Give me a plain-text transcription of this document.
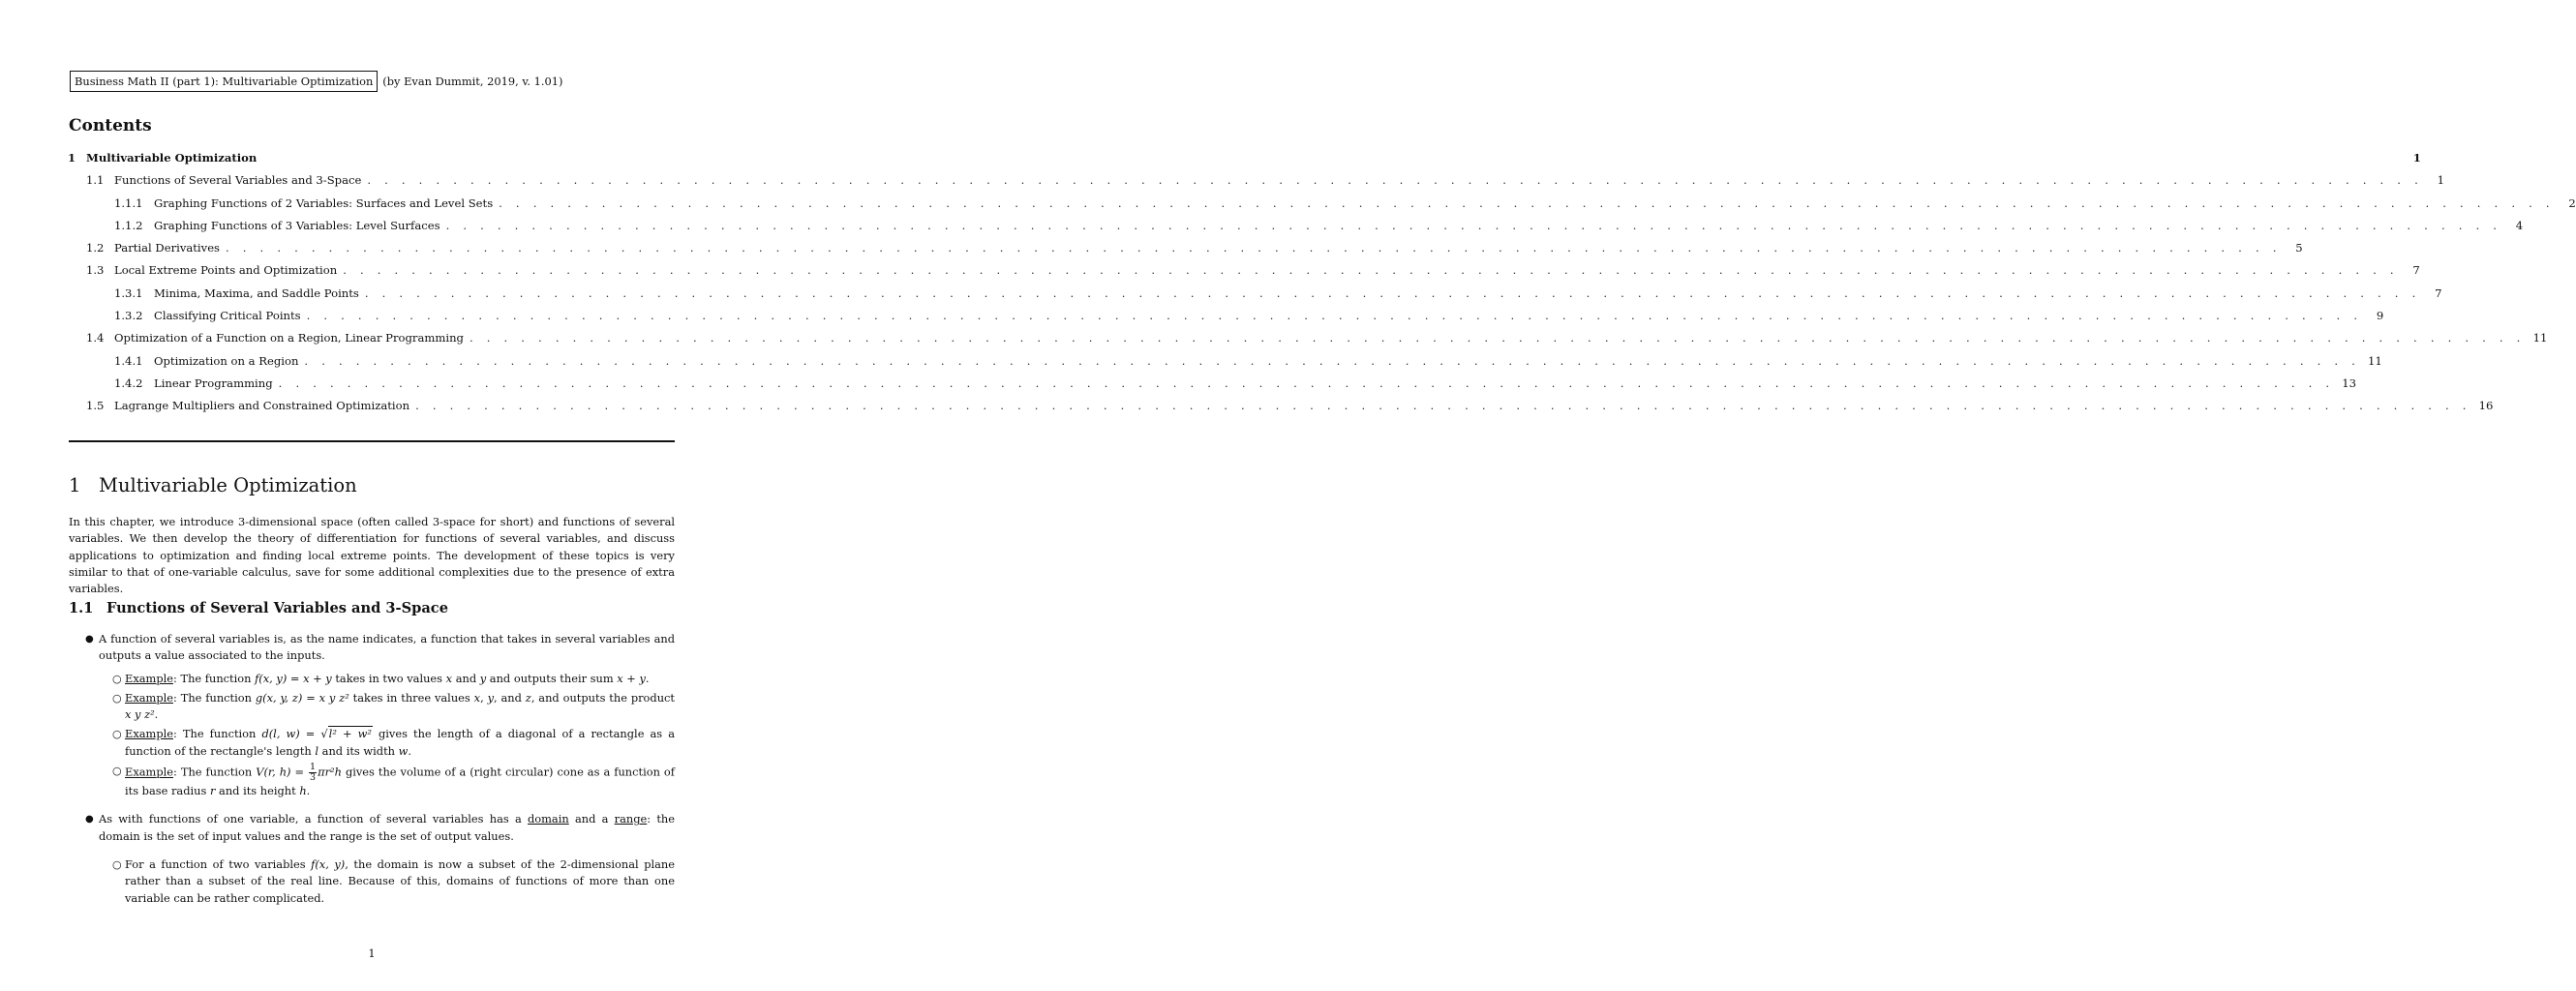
Business Math II (part 1): Multivariable Optimization (by Evan Dummit, 2019, v. 1.01)
Contents
1 Multivariable Optimization	1
1.1 Functions of Several Variables and 3-Space . . . . . . . . . . . . . . . . . . . . . . . . . . . . . . . . . . . . . . . . . . . . . . . . . . . . . . . . . . . . . . . . . . . . . . . . . . . . . . . . . . . . . . . . . . . . . . . . . . . . . . . . . . . . . . . . . . . . . . . .	1
1.1.1 Graphing Functions of 2 Variables: Surfaces and Level Sets . . . . . . . . . . . . . . . . . . . . . . . . . . . . . . . . . . . . . . . . . . . . . . . . . . . . . . . . . . . . . . . . . . . . . . . . . . . . . . . . . . . . . . . . . . . . . . . . . . . . . . . . . . . . . . . . . . . . . . . .	2
1.1.2 Graphing Functions of 3 Variables: Level Surfaces . . . . . . . . . . . . . . . . . . . . . . . . . . . . . . . . . . . . . . . . . . . . . . . . . . . . . . . . . . . . . . . . . . . . . . . . . . . . . . . . . . . . . . . . . . . . . . . . . . . . . . . . . . . . . . . . . . . . . . . .	4
1.2 Partial Derivatives . . . . . . . . . . . . . . . . . . . . . . . . . . . . . . . . . . . . . . . . . . . . . . . . . . . . . . . . . . . . . . . . . . . . . . . . . . . . . . . . . . . . . . . . . . . . . . . . . . . . . . . . . . . . . . . . . . . . . . . .	5
1.3 Local Extreme Points and Optimization . . . . . . . . . . . . . . . . . . . . . . . . . . . . . . . . . . . . . . . . . . . . . . . . . . . . . . . . . . . . . . . . . . . . . . . . . . . . . . . . . . . . . . . . . . . . . . . . . . . . . . . . . . . . . . . . . . . . . . . .	7
1.3.1 Minima, Maxima, and Saddle Points . . . . . . . . . . . . . . . . . . . . . . . . . . . . . . . . . . . . . . . . . . . . . . . . . . . . . . . . . . . . . . . . . . . . . . . . . . . . . . . . . . . . . . . . . . . . . . . . . . . . . . . . . . . . . . . . . . . . . . . .	7
1.3.2 Classifying Critical Points . . . . . . . . . . . . . . . . . . . . . . . . . . . . . . . . . . . . . . . . . . . . . . . . . . . . . . . . . . . . . . . . . . . . . . . . . . . . . . . . . . . . . . . . . . . . . . . . . . . . . . . . . . . . . . . . . . . . . . . .	9
1.4 Optimization of a Function on a Region, Linear Programming . . . . . . . . . . . . . . . . . . . . . . . . . . . . . . . . . . . . . . . . . . . . . . . . . . . . . . . . . . . . . . . . . . . . . . . . . . . . . . . . . . . . . . . . . . . . . . . . . . . . . . . . . . . . . . . . . . . . . . . . 11
1.4.1 Optimization on a Region . . . . . . . . . . . . . . . . . . . . . . . . . . . . . . . . . . . . . . . . . . . . . . . . . . . . . . . . . . . . . . . . . . . . . . . . . . . . . . . . . . . . . . . . . . . . . . . . . . . . . . . . . . . . . . . . . . . . . . . . 11
1.4.2 Linear Programming . . . . . . . . . . . . . . . . . . . . . . . . . . . . . . . . . . . . . . . . . . . . . . . . . . . . . . . . . . . . . . . . . . . . . . . . . . . . . . . . . . . . . . . . . . . . . . . . . . . . . . . . . . . . . . . . . . . . . . . . 13
1.5 Lagrange Multipliers and Constrained Optimization . . . . . . . . . . . . . . . . . . . . . . . . . . . . . . . . . . . . . . . . . . . . . . . . . . . . . . . . . . . . . . . . . . . . . . . . . . . . . . . . . . . . . . . . . . . . . . . . . . . . . . . . . . . . . . . . . . . . . . . . 16
1 Multivariable Optimization

In this chapter, we introduce 3-dimensional space (often called 3-space for short) and functions of several variables. We then develop the theory of differentiation for functions of several variables, and discuss applications to optimization and finding local extreme points. The development of these topics is very similar to that of one-variable calculus, save for some additional complexities due to the presence of extra variables.

1.1 Functions of Several Variables and 3-Space
● A function of several variables is, as the name indicates, a function that takes in several variables and outputs a value associated to the inputs.
○ Example: The function f(x, y) = x + y takes in two values x and y and outputs their sum x + y.
○ Example: The function g(x, y, z) = x y z² takes in three values x, y, and z, and outputs the product x y z².
○ Example: The function d(l, w) = √l² + w² gives the length of a diagonal of a rectangle as a function of the rectangle's length l and its width w.
○ Example: The function V(r, $h) = \frac{1}{3} \pi r^2h$ gives the volume of a (right circular) cone as a function of its base radius r and its height h.
● As with functions of one variable, a function of several variables has a domain and a range: the domain is the set of input values and the range is the set of output values.
○ For a function of two variables f(x, y), the domain is now a subset of the 2-dimensional plane rather than a subset of the real line. Because of this, domains of functions of more than one variable can be rather complicated.
1
